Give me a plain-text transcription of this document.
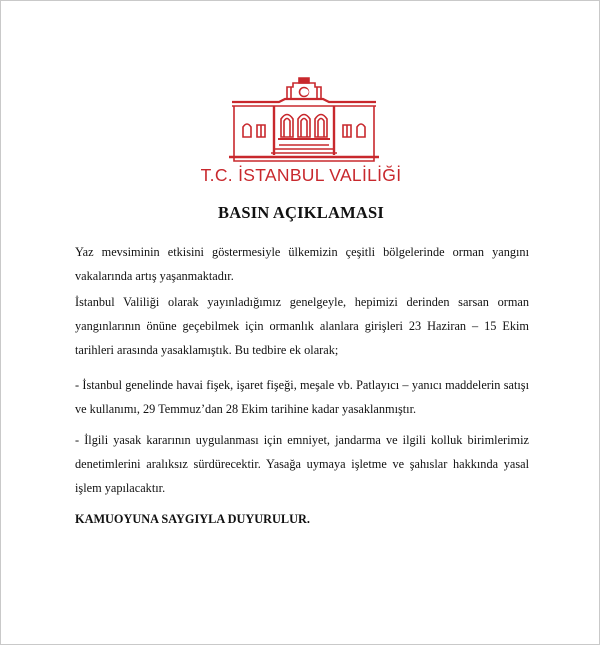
T.C. İSTANBUL VALİLİĞİ
BASIN AÇIKLAMASI

Yaz mevsiminin etkisini göstermesiyle ülkemizin çeşitli bölgelerinde orman yangını vakalarında artış yaşanmaktadır.

İstanbul Valiliği olarak yayınladığımız genelgeyle, hepimizi derinden sarsan orman yangınlarının önüne geçebilmek için ormanlık alanlara girişleri 23 Haziran – 15 Ekim tarihleri arasında yasaklamıştık. Bu tedbire ek olarak;

- İstanbul genelinde havai fişek, işaret fişeği, meşale vb. Patlayıcı – yanıcı maddelerin satışı ve kullanımı, 29 Temmuz’dan 28 Ekim tarihine kadar yasaklanmıştır.

- İlgili yasak kararının uygulanması için emniyet, jandarma ve ilgili kolluk birimlerimiz denetimlerini aralıksız sürdürecektir. Yasağa uymaya işletme ve şahıslar hakkında yasal işlem yapılacaktır.

KAMUOYUNA SAYGIYLA DUYURULUR.
